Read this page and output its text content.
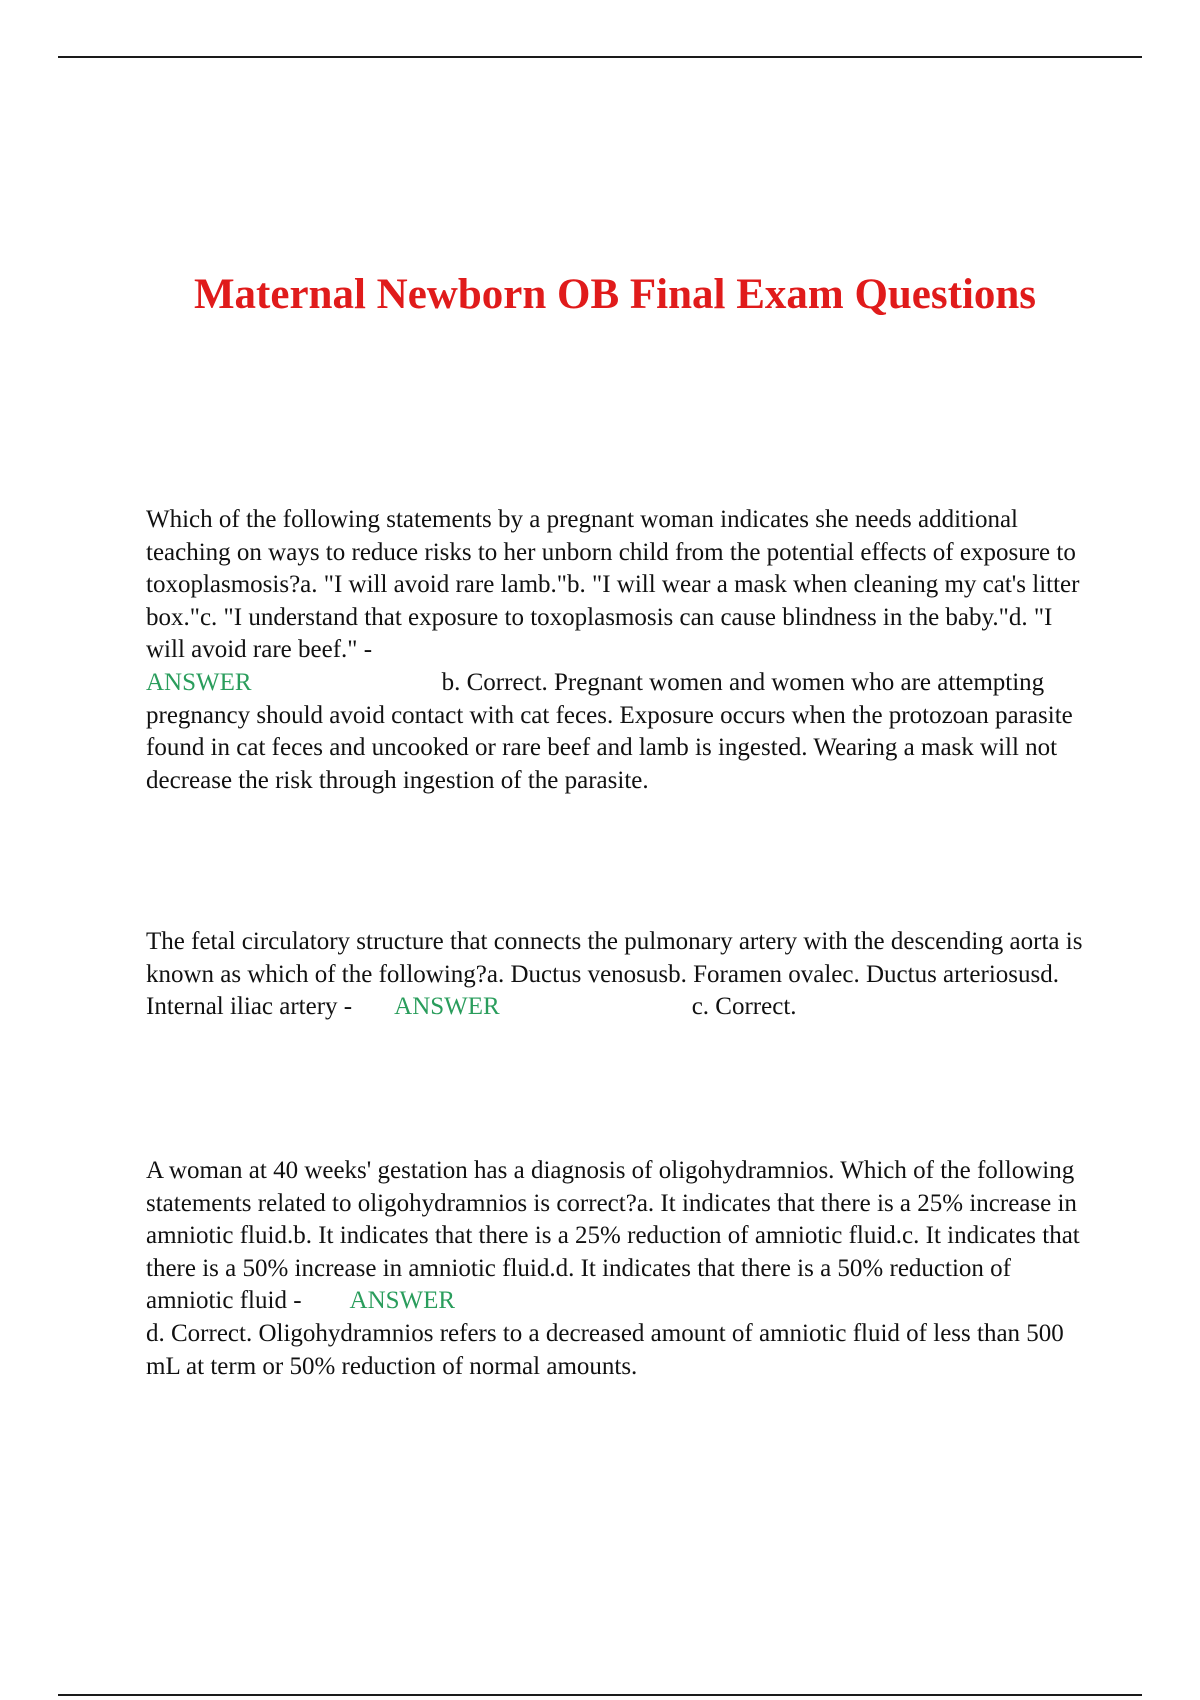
Maternal Newborn OB Final Exam Questions

Which of the following statements by a pregnant woman indicates she needs additional teaching on ways to reduce risks to her unborn child from the potential effects of exposure to toxoplasmosis?a. "I will avoid rare lamb."b. "I will wear a mask when cleaning my cat's litter box."c. "I understand that exposure to toxoplasmosis can cause blindness in the baby."d. "I will avoid rare beef." -
ANSWER	b. Correct. Pregnant women and women who are attempting pregnancy should avoid contact with cat feces. Exposure occurs when the protozoan parasite found in cat feces and uncooked or rare beef and lamb is ingested. Wearing a mask will not decrease the risk through ingestion of the parasite.

The fetal circulatory structure that connects the pulmonary artery with the descending aorta is known as which of the following?a. Ductus venosusb. Foramen ovalec. Ductus arteriosusd. Internal iliac artery - ANSWER	c. Correct.

A woman at 40 weeks' gestation has a diagnosis of oligohydramnios. Which of the following statements related to oligohydramnios is correct?a. It indicates that there is a 25% increase in amniotic fluid.b. It indicates that there is a 25% reduction of amniotic fluid.c. It indicates that there is a 50% increase in amniotic fluid.d. It indicates that there is a 50% reduction of amniotic fluid - ANSWER
d. Correct. Oligohydramnios refers to a decreased amount of amniotic fluid of less than 500 mL at term or 50% reduction of normal amounts.
